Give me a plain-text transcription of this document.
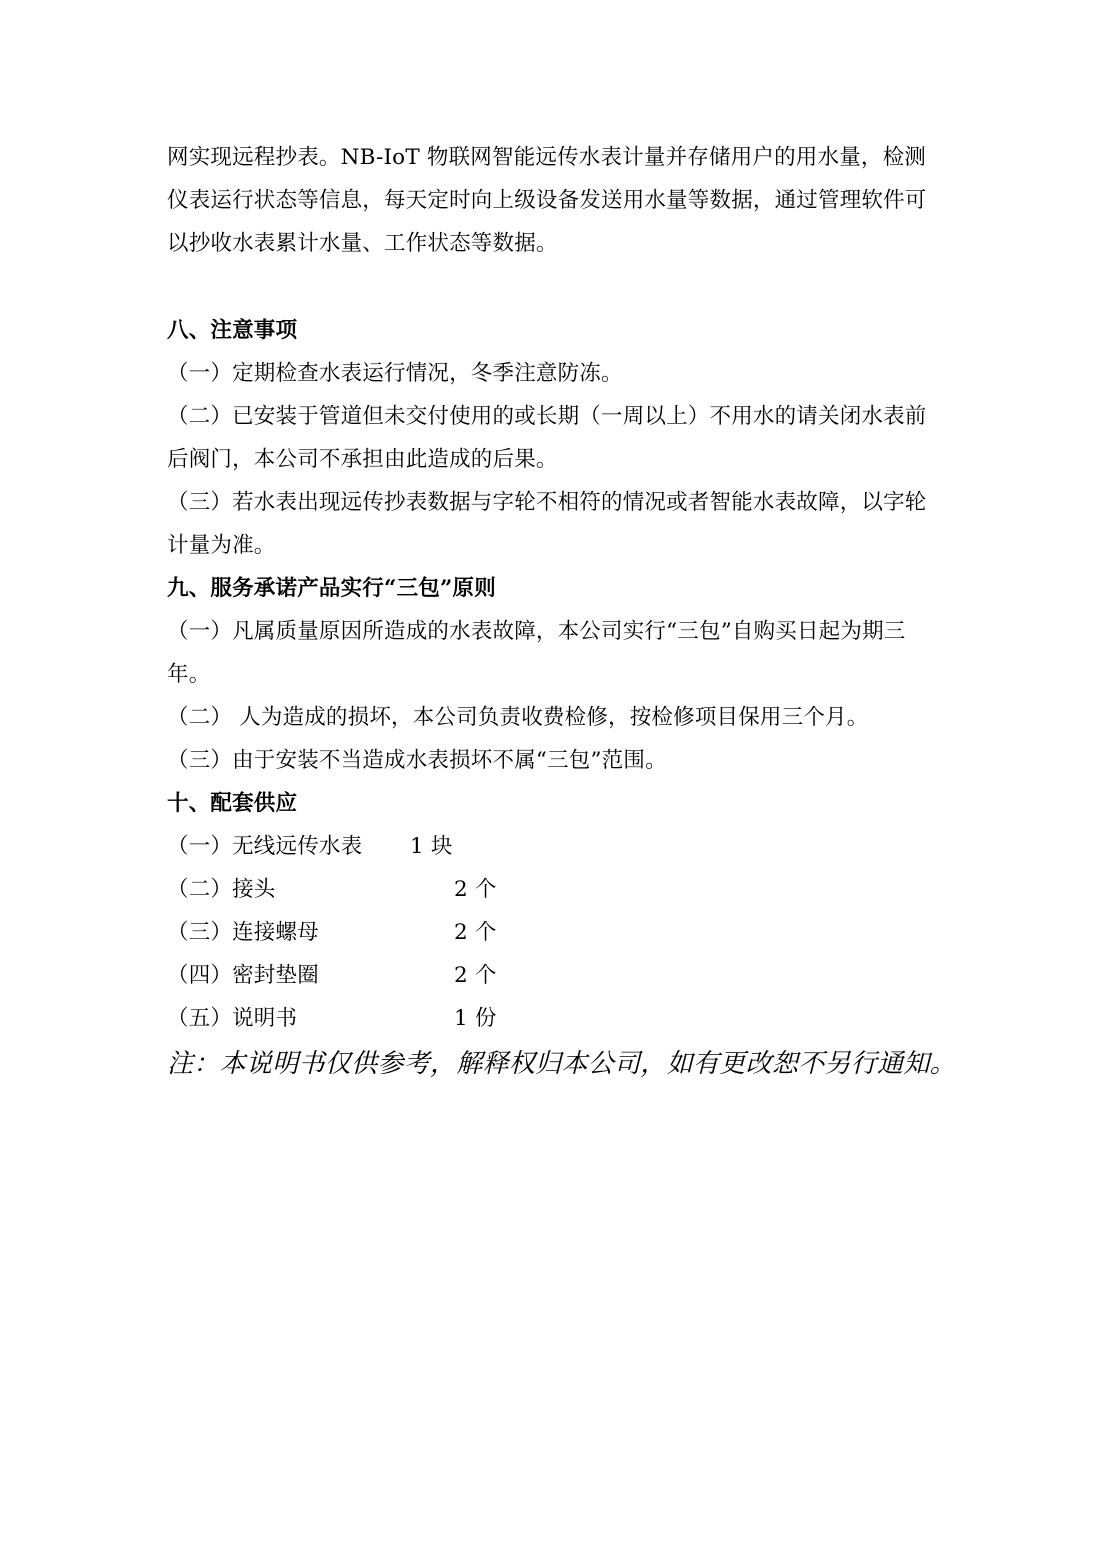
网实现远程抄表。NB-IoT 物联网智能远传水表计量并存储用户的用水量，检测
仪表运行状态等信息，每天定时向上级设备发送用水量等数据，通过管理软件可
以抄收水表累计水量、工作状态等数据。

八、注意事项

（一）定期检查水表运行情况，冬季注意防冻。

（二）已安装于管道但未交付使用的或长期（一周以上）不用水的请关闭水表前后阀门，本公司不承担由此造成的后果。

（三）若水表出现远传抄表数据与字轮不相符的情况或者智能水表故障，以字轮计量为准。

九、服务承诺产品实行“三包”原则

（一）凡属质量原因所造成的水表故障，本公司实行“三包”自购买日起为期三年。

（二） 人为造成的损坏，本公司负责收费检修，按检修项目保用三个月。

（三）由于安装不当造成水表损坏不属“三包”范围。

十、配套供应

（一）无线远传水表	1 块
（二）接头	2 个
（三）连接螺母	2 个
（四）密封垫圈	2 个
（五）说明书	1 份

注：本说明书仅供参考，解释权归本公司，如有更改恕不另行通知。
